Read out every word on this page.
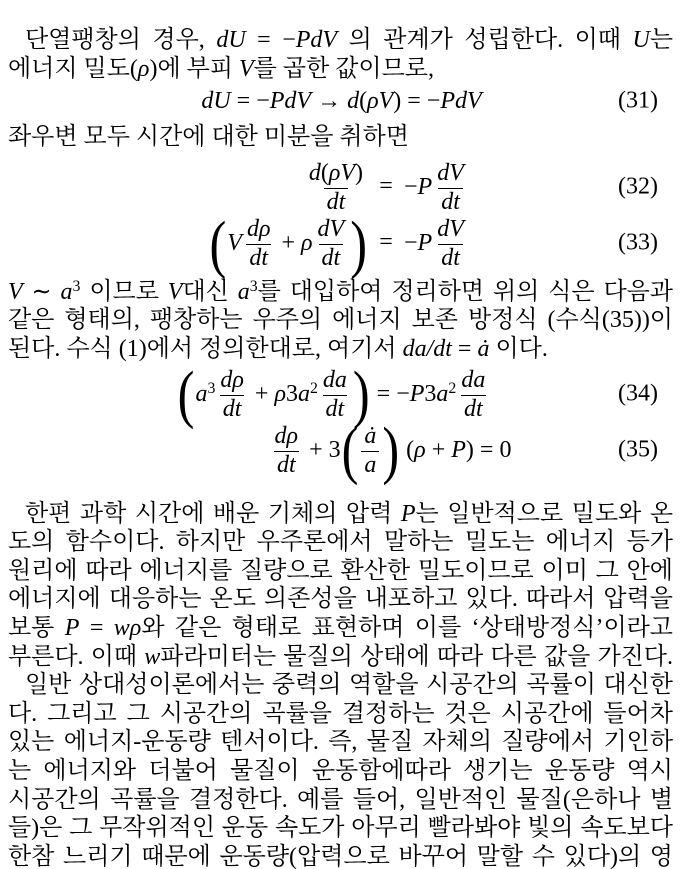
단열팽창의 경우, dU = −PdV 의 관계가 성립한다. 이때 U는
에너지 밀도(ρ)에 부피 V를 곱한 값이므로,
dU = −PdV → d(ρV) = −PdV	(31)
좌우변 모두 시간에 대한 미분을 취하면
$\frac{d(\rho V)}{dt} = -P \frac{dV}{dt}$	(32)
($V \frac{d\rho}{dt} + \rho \frac{dV}{dt}$ ) = $-P \frac{dV}{dt}$	(33)
V ∼ $a^3$ 이므로 V대신 $a^3$를 대입하여 정리하면 위의 식은 다음과
같은 형태의, 팽창하는 우주의 에너지 보존 방정식 (수식(35))이
된다. 수식 (1)에서 정의한대로, 여기서 da/dt = ȧ 이다.
($a^3 \frac{d\rho}{dt} + \rho 3a^2 \frac{da}{dt}$ ) = $-P3a^2 \frac{da}{dt}$	(34)
$\frac{d\rho}{dt} + 3( \frac{ȧ}{a}$ ) (ρ + P) = 0	(35)
한편 과학 시간에 배운 기체의 압력 P는 일반적으로 밀도와 온
도의 함수이다. 하지만 우주론에서 말하는 밀도는 에너지 등가
원리에 따라 에너지를 질량으로 환산한 밀도이므로 이미 그 안에
에너지에 대응하는 온도 의존성을 내포하고 있다. 따라서 압력을
보통 P = wρ와 같은 형태로 표현하며 이를 ‘상태방정식’이라고
부른다. 이때 w파라미터는 물질의 상태에 따라 다른 값을 가진다.
일반 상대성이론에서는 중력의 역할을 시공간의 곡률이 대신한
다. 그리고 그 시공간의 곡률을 결정하는 것은 시공간에 들어차
있는 에너지-운동량 텐서이다. 즉, 물질 자체의 질량에서 기인하
는 에너지와 더불어 물질이 운동함에따라 생기는 운동량 역시
시공간의 곡률을 결정한다. 예를 들어, 일반적인 물질(은하나 별
들)은 그 무작위적인 운동 속도가 아무리 빨라봐야 빛의 속도보다
한참 느리기 때문에 운동량(압력으로 바꾸어 말할 수 있다)의 영
